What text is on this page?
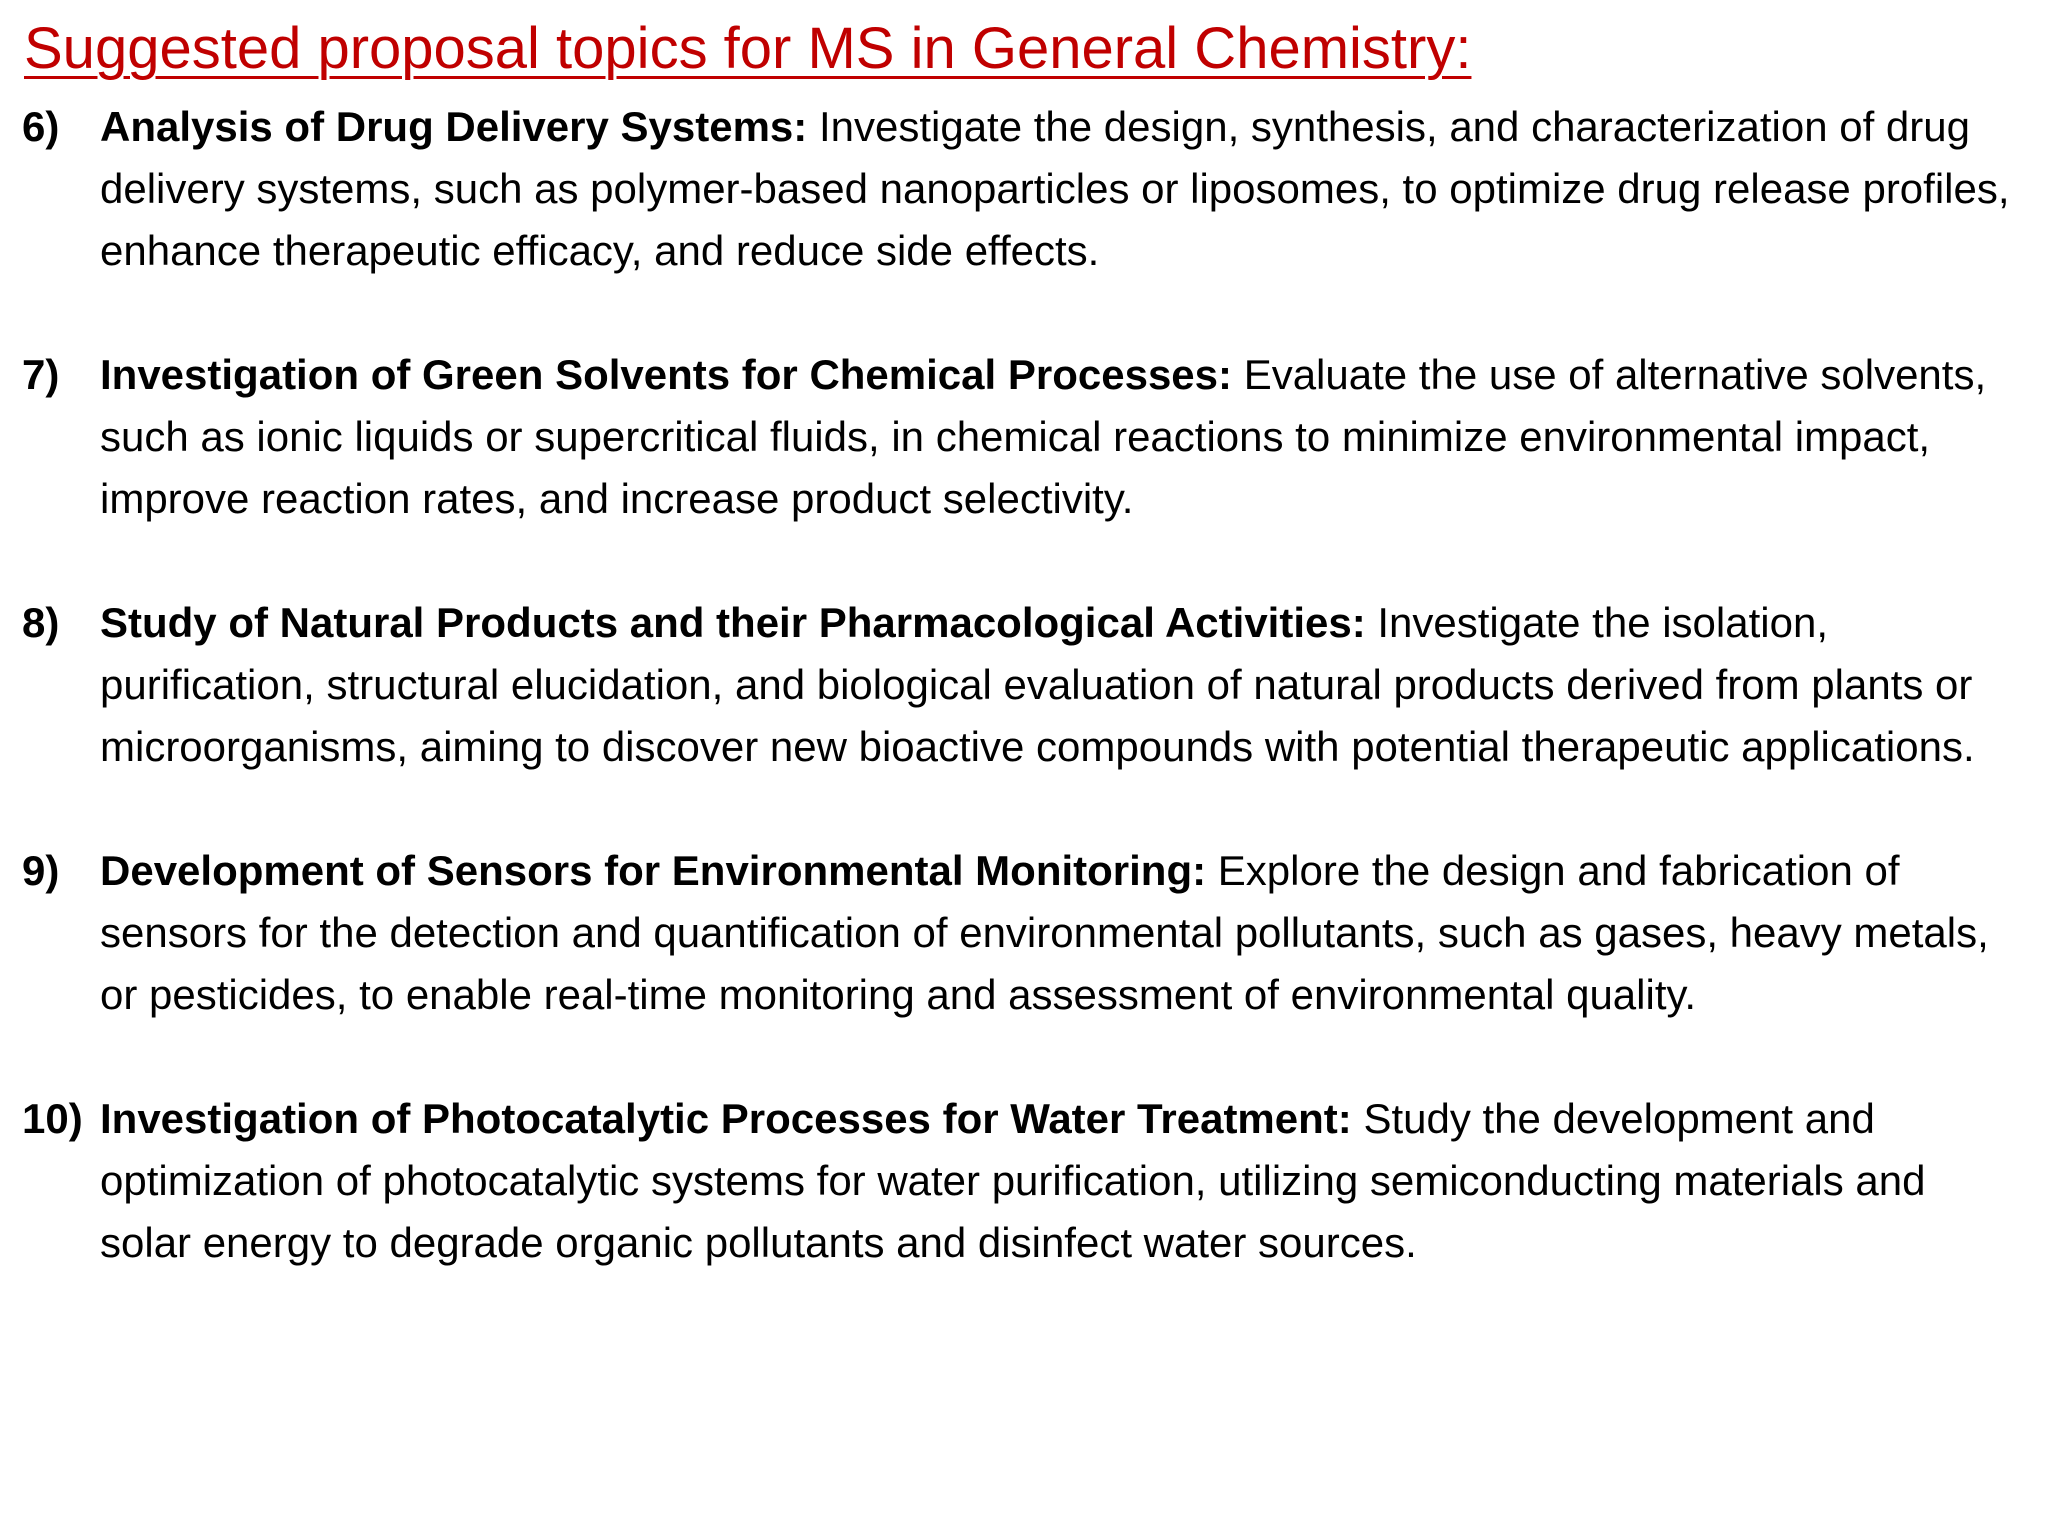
Suggested proposal topics for MS in General Chemistry:
6) Analysis of Drug Delivery Systems: Investigate the design, synthesis, and characterization of drug delivery systems, such as polymer-based nanoparticles or liposomes, to optimize drug release profiles, enhance therapeutic efficacy, and reduce side effects.
7) Investigation of Green Solvents for Chemical Processes: Evaluate the use of alternative solvents, such as ionic liquids or supercritical fluids, in chemical reactions to minimize environmental impact, improve reaction rates, and increase product selectivity.
8) Study of Natural Products and their Pharmacological Activities: Investigate the isolation, purification, structural elucidation, and biological evaluation of natural products derived from plants or microorganisms, aiming to discover new bioactive compounds with potential therapeutic applications.
9) Development of Sensors for Environmental Monitoring: Explore the design and fabrication of sensors for the detection and quantification of environmental pollutants, such as gases, heavy metals, or pesticides, to enable real-time monitoring and assessment of environmental quality.
10) Investigation of Photocatalytic Processes for Water Treatment: Study the development and optimization of photocatalytic systems for water purification, utilizing semiconducting materials and solar energy to degrade organic pollutants and disinfect water sources.
